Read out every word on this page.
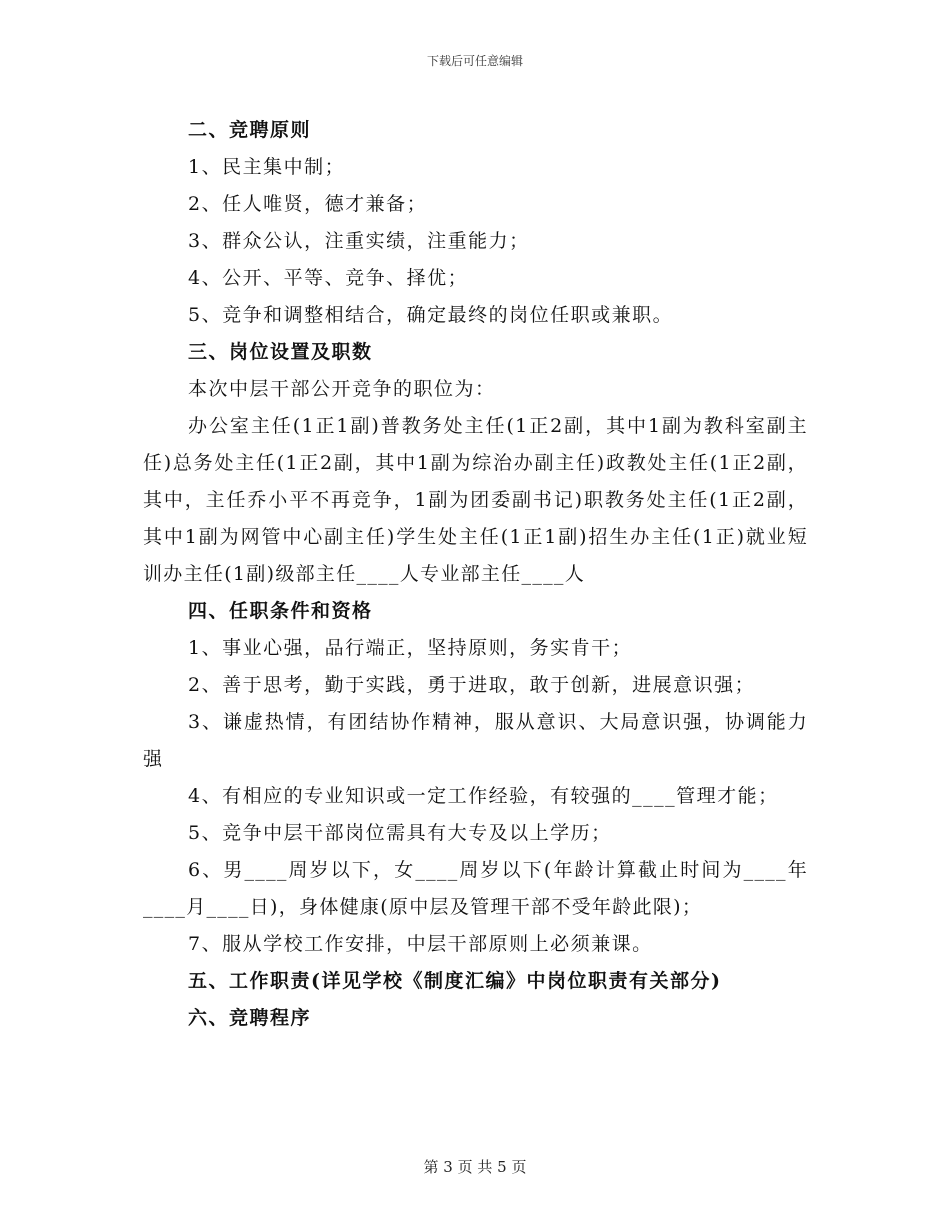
下载后可任意编辑
二、竞聘原则
1、民主集中制；
2、任人唯贤，德才兼备；
3、群众公认，注重实绩，注重能力；
4、公开、平等、竞争、择优；
5、竞争和调整相结合，确定最终的岗位任职或兼职。
三、岗位设置及职数
本次中层干部公开竞争的职位为：
办公室主任(1正1副)普教务处主任(1正2副，其中1副为教科室副主任)总务处主任(1正2副，其中1副为综治办副主任)政教处主任(1正2副，其中，主任乔小平不再竞争，1副为团委副书记)职教务处主任(1正2副，其中1副为网管中心副主任)学生处主任(1正1副)招生办主任(1正)就业短训办主任(1副)级部主任____人专业部主任____人
四、任职条件和资格
1、事业心强，品行端正，坚持原则，务实肯干；
2、善于思考，勤于实践，勇于进取，敢于创新，进展意识强；
3、谦虚热情，有团结协作精神，服从意识、大局意识强，协调能力强
4、有相应的专业知识或一定工作经验，有较强的____管理才能；
5、竞争中层干部岗位需具有大专及以上学历；
6、男____周岁以下，女____周岁以下(年龄计算截止时间为____年____月____日)，身体健康(原中层及管理干部不受年龄此限)；
7、服从学校工作安排，中层干部原则上必须兼课。
五、工作职责(详见学校《制度汇编》中岗位职责有关部分)
六、竞聘程序
第 3 页 共 5 页
